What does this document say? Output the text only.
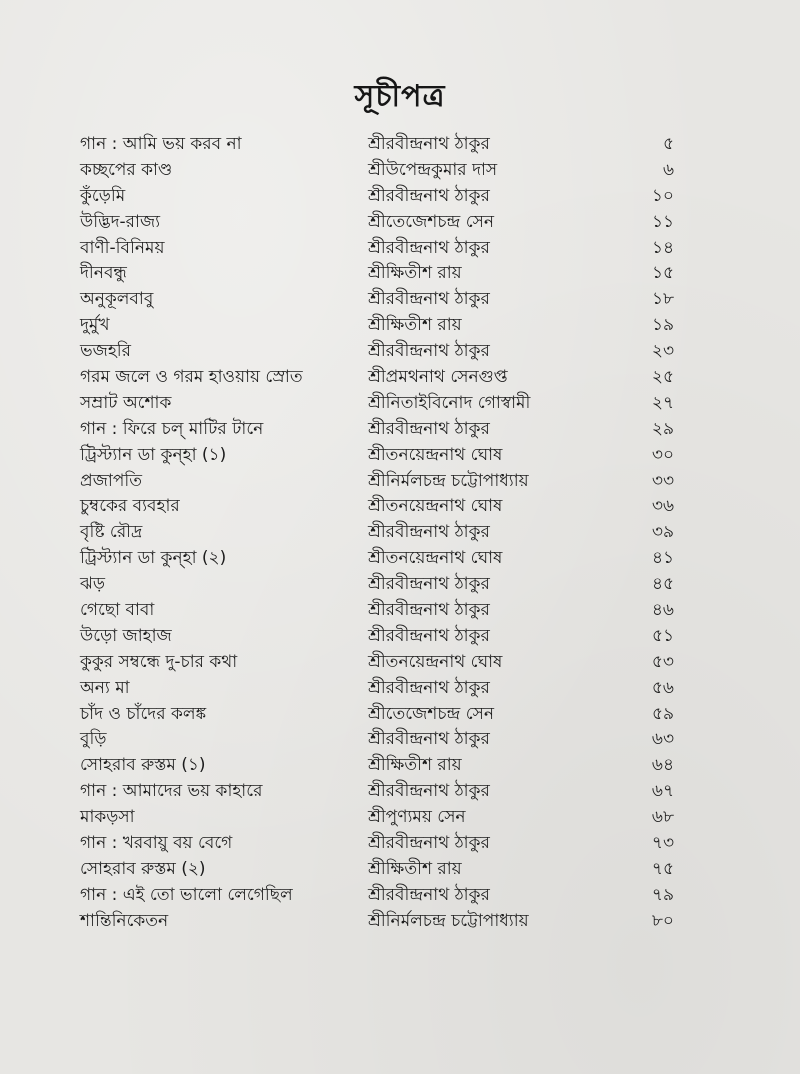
সূচীপত্র
গান : আমি ভয় করব না	শ্রীরবীন্দ্রনাথ ঠাকুর	৫
কচ্ছপের কাণ্ড	শ্রীউপেন্দ্রকুমার দাস	৬
কুঁড়েমি	শ্রীরবীন্দ্রনাথ ঠাকুর	১০
উদ্ভিদ-রাজ্য	শ্রীতেজেশচন্দ্র সেন	১১
বাণী-বিনিময়	শ্রীরবীন্দ্রনাথ ঠাকুর	১৪
দীনবন্ধু	শ্রীক্ষিতীশ রায়	১৫
অনুকূলবাবু	শ্রীরবীন্দ্রনাথ ঠাকুর	১৮
দুর্মুখ	শ্রীক্ষিতীশ রায়	১৯
ভজহরি	শ্রীরবীন্দ্রনাথ ঠাকুর	২৩
গরম জলে ও গরম হাওয়ায় স্রোত	শ্রীপ্রমথনাথ সেনগুপ্ত	২৫
সম্রাট অশোক	শ্রীনিতাইবিনোদ গোস্বামী	২৭
গান : ফিরে চল্ মাটির টানে	শ্রীরবীন্দ্রনাথ ঠাকুর	২৯
ট্রিস্ট্যান ডা কুন্হা (১)	শ্রীতনয়েন্দ্রনাথ ঘোষ	৩০
প্রজাপতি	শ্রীনির্মলচন্দ্র চট্টোপাধ্যায়	৩৩
চুম্বকের ব্যবহার	শ্রীতনয়েন্দ্রনাথ ঘোষ	৩৬
বৃষ্টি রৌদ্র	শ্রীরবীন্দ্রনাথ ঠাকুর	৩৯
ট্রিস্ট্যান ডা কুন্হা (২)	শ্রীতনয়েন্দ্রনাথ ঘোষ	৪১
ঝড়	শ্রীরবীন্দ্রনাথ ঠাকুর	৪৫
গেছো বাবা	শ্রীরবীন্দ্রনাথ ঠাকুর	৪৬
উড়ো জাহাজ	শ্রীরবীন্দ্রনাথ ঠাকুর	৫১
কুকুর সম্বন্ধে দু-চার কথা	শ্রীতনয়েন্দ্রনাথ ঘোষ	৫৩
অন্য মা	শ্রীরবীন্দ্রনাথ ঠাকুর	৫৬
চাঁদ ও চাঁদের কলঙ্ক	শ্রীতেজেশচন্দ্র সেন	৫৯
বুড়ি	শ্রীরবীন্দ্রনাথ ঠাকুর	৬৩
সোহরাব রুস্তম (১)	শ্রীক্ষিতীশ রায়	৬৪
গান : আমাদের ভয় কাহারে	শ্রীরবীন্দ্রনাথ ঠাকুর	৬৭
মাকড়সা	শ্রীপুণ্যময় সেন	৬৮
গান : খরবায়ু বয় বেগে	শ্রীরবীন্দ্রনাথ ঠাকুর	৭৩
সোহরাব রুস্তম (২)	শ্রীক্ষিতীশ রায়	৭৫
গান : এই তো ভালো লেগেছিল	শ্রীরবীন্দ্রনাথ ঠাকুর	৭৯
শান্তিনিকেতন	শ্রীনির্মলচন্দ্র চট্টোপাধ্যায়	৮০
